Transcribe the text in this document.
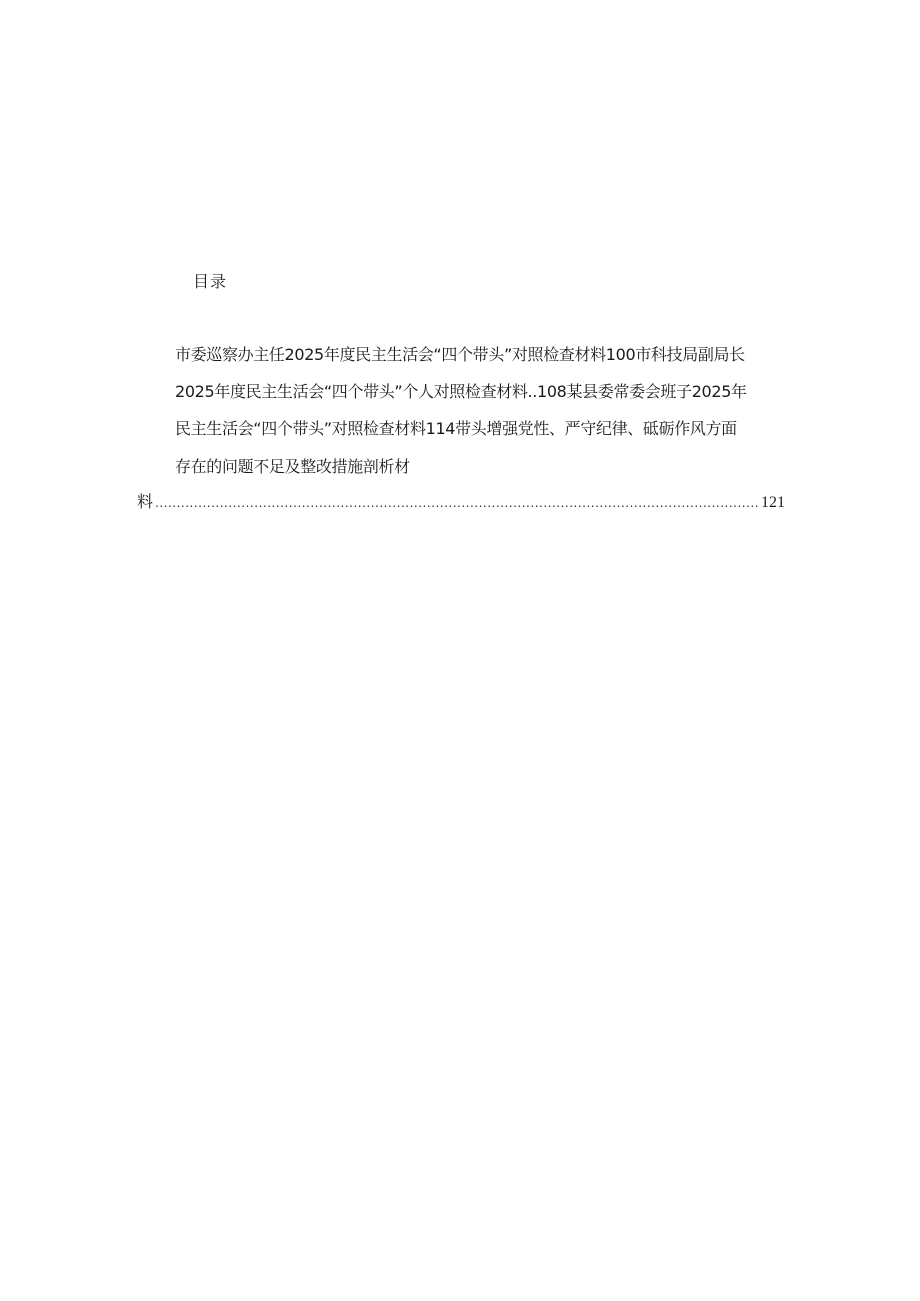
目录
市委巡察办主任2025年度民主生活会“四个带头”对照检查材料100市科技局副局长
2025年度民主生活会“四个带头”个人对照检查材料..108某县委常委会班子2025年
民主生活会“四个带头”对照检查材料114带头增强党性、严守纪律、砥砺作风方面
存在的问题不足及整改措施剖析材
料
.....	121
